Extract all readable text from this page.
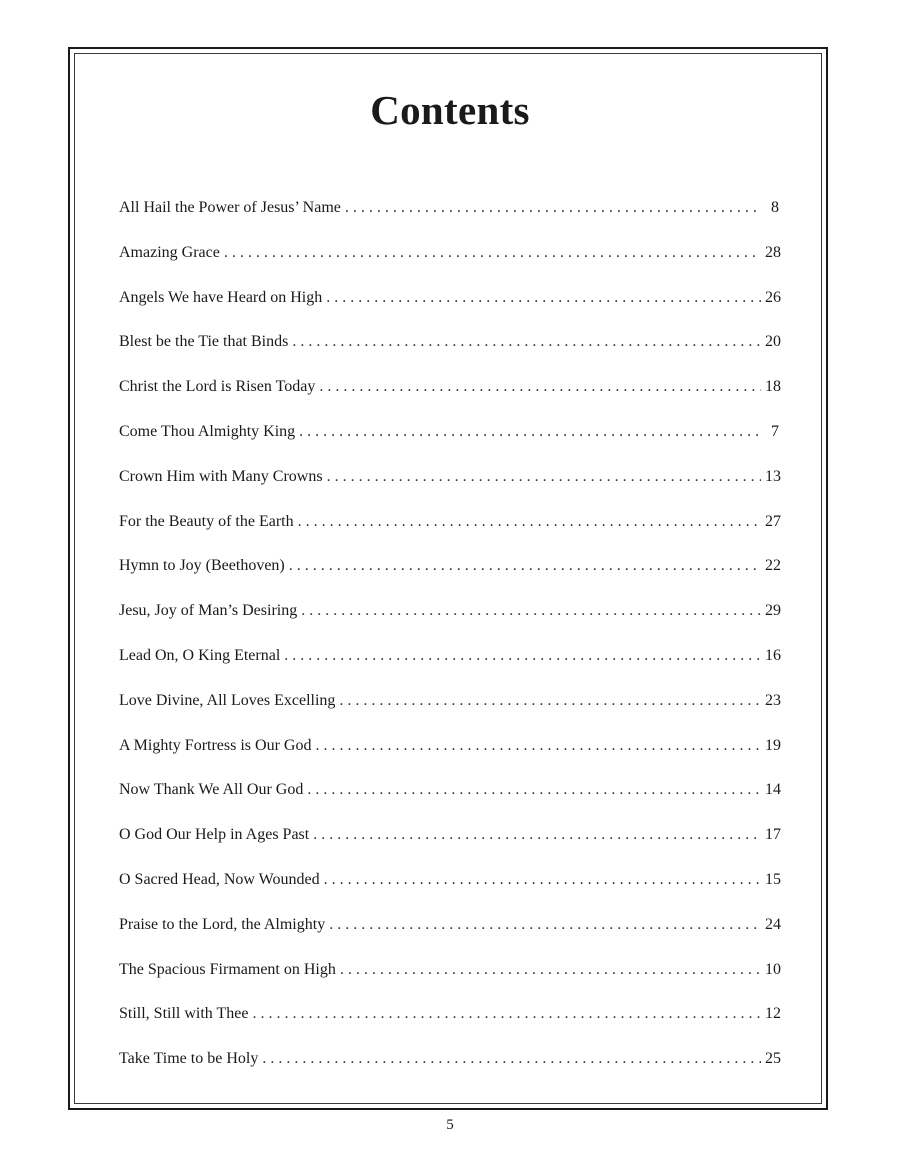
Contents
All Hail the Power of Jesus’ Name . . .	8
Amazing Grace . . .	28
Angels We have Heard on High . . .	26
Blest be the Tie that Binds . . .	20
Christ the Lord is Risen Today . . .	18
Come Thou Almighty King . . .	7
Crown Him with Many Crowns . . .	13
For the Beauty of the Earth . . .	27
Hymn to Joy (Beethoven) . . .	22
Jesu, Joy of Man’s Desiring . . .	29
Lead On, O King Eternal . . .	16
Love Divine, All Loves Excelling . . .	23
A Mighty Fortress is Our God . . .	19
Now Thank We All Our God . . .	14
O God Our Help in Ages Past . . .	17
O Sacred Head, Now Wounded . . .	15
Praise to the Lord, the Almighty . . .	24
The Spacious Firmament on High . . .	10
Still, Still with Thee . . .	12
Take Time to be Holy . . .	25
5
